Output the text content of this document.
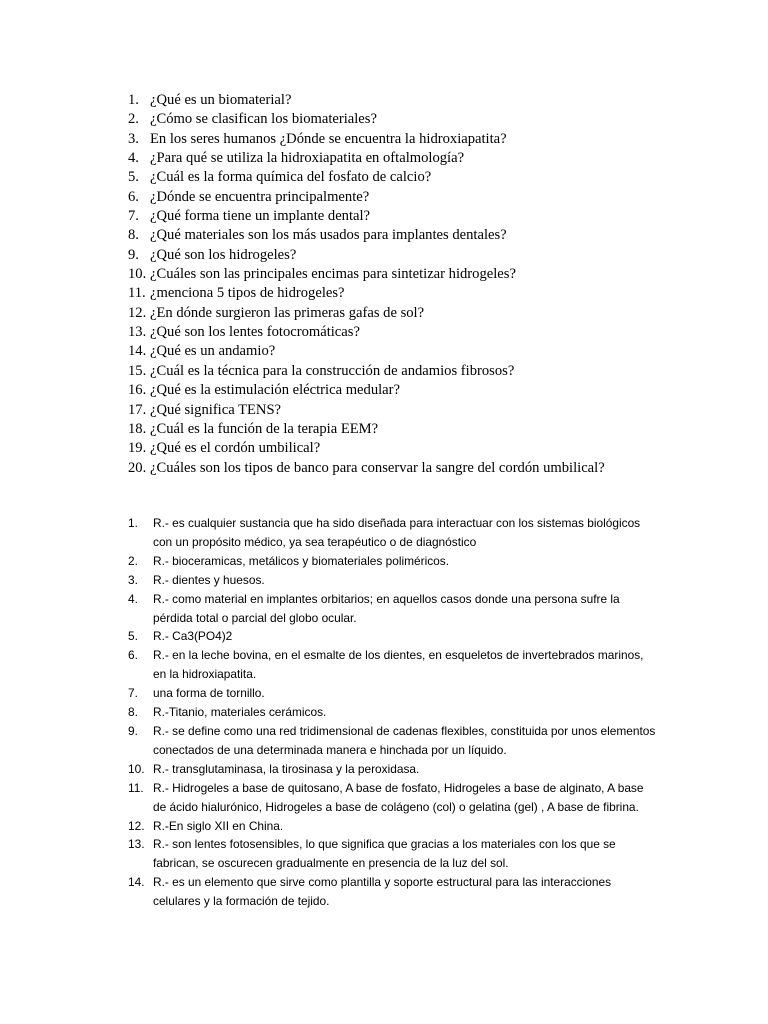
1. ¿Qué es un biomaterial?
2. ¿Cómo se clasifican los biomateriales?
3. En los seres humanos ¿Dónde se encuentra la hidroxiapatita?
4. ¿Para qué se utiliza la hidroxiapatita en oftalmología?
5. ¿Cuál es la forma química del fosfato de calcio?
6. ¿Dónde se encuentra principalmente?
7. ¿Qué forma tiene un implante dental?
8. ¿Qué materiales son los más usados para implantes dentales?
9. ¿Qué son los hidrogeles?
10. ¿Cuáles son las principales encimas para sintetizar hidrogeles?
11. ¿menciona 5 tipos de hidrogeles?
12. ¿En dónde surgieron las primeras gafas de sol?
13. ¿Qué son los lentes fotocromáticas?
14. ¿Qué es un andamio?
15. ¿Cuál es la técnica para la construcción de andamios fibrosos?
16. ¿Qué es la estimulación eléctrica medular?
17. ¿Qué significa TENS?
18. ¿Cuál es la función de la terapia EEM?
19. ¿Qué es el cordón umbilical?
20. ¿Cuáles son los tipos de banco para conservar la sangre del cordón umbilical?
1.	R.- es cualquier sustancia que ha sido diseñada para interactuar con los sistemas biológicos con un propósito médico, ya sea terapéutico o de diagnóstico
2.	R.- bioceramicas, metálicos y biomateriales poliméricos.
3.	R.- dientes y huesos.
4.	R.- como material en implantes orbitarios; en aquellos casos donde una persona sufre la pérdida total o parcial del globo ocular.
5.	R.- Ca3(PO4)2
6.	R.- en la leche bovina, en el esmalte de los dientes, en esqueletos de invertebrados marinos, en la hidroxiapatita.
7.	una forma de tornillo.
8.	R.-Titanio, materiales cerámicos.
9.	R.- se define como una red tridimensional de cadenas flexibles, constituida por unos elementos conectados de una determinada manera e hinchada por un líquido.
10. R.- transglutaminasa, la tirosinasa y la peroxidasa.
11. R.- Hidrogeles a base de quitosano, A base de fosfato, Hidrogeles a base de alginato, A base de ácido hialurónico, Hidrogeles a base de colágeno (col) o gelatina (gel) , A base de fibrina.
12. R.-En siglo XII en China.
13. R.- son lentes fotosensibles, lo que significa que gracias a los materiales con los que se fabrican, se oscurecen gradualmente en presencia de la luz del sol.
14. R.- es un elemento que sirve como plantilla y soporte estructural para las interacciones celulares y la formación de tejido.
